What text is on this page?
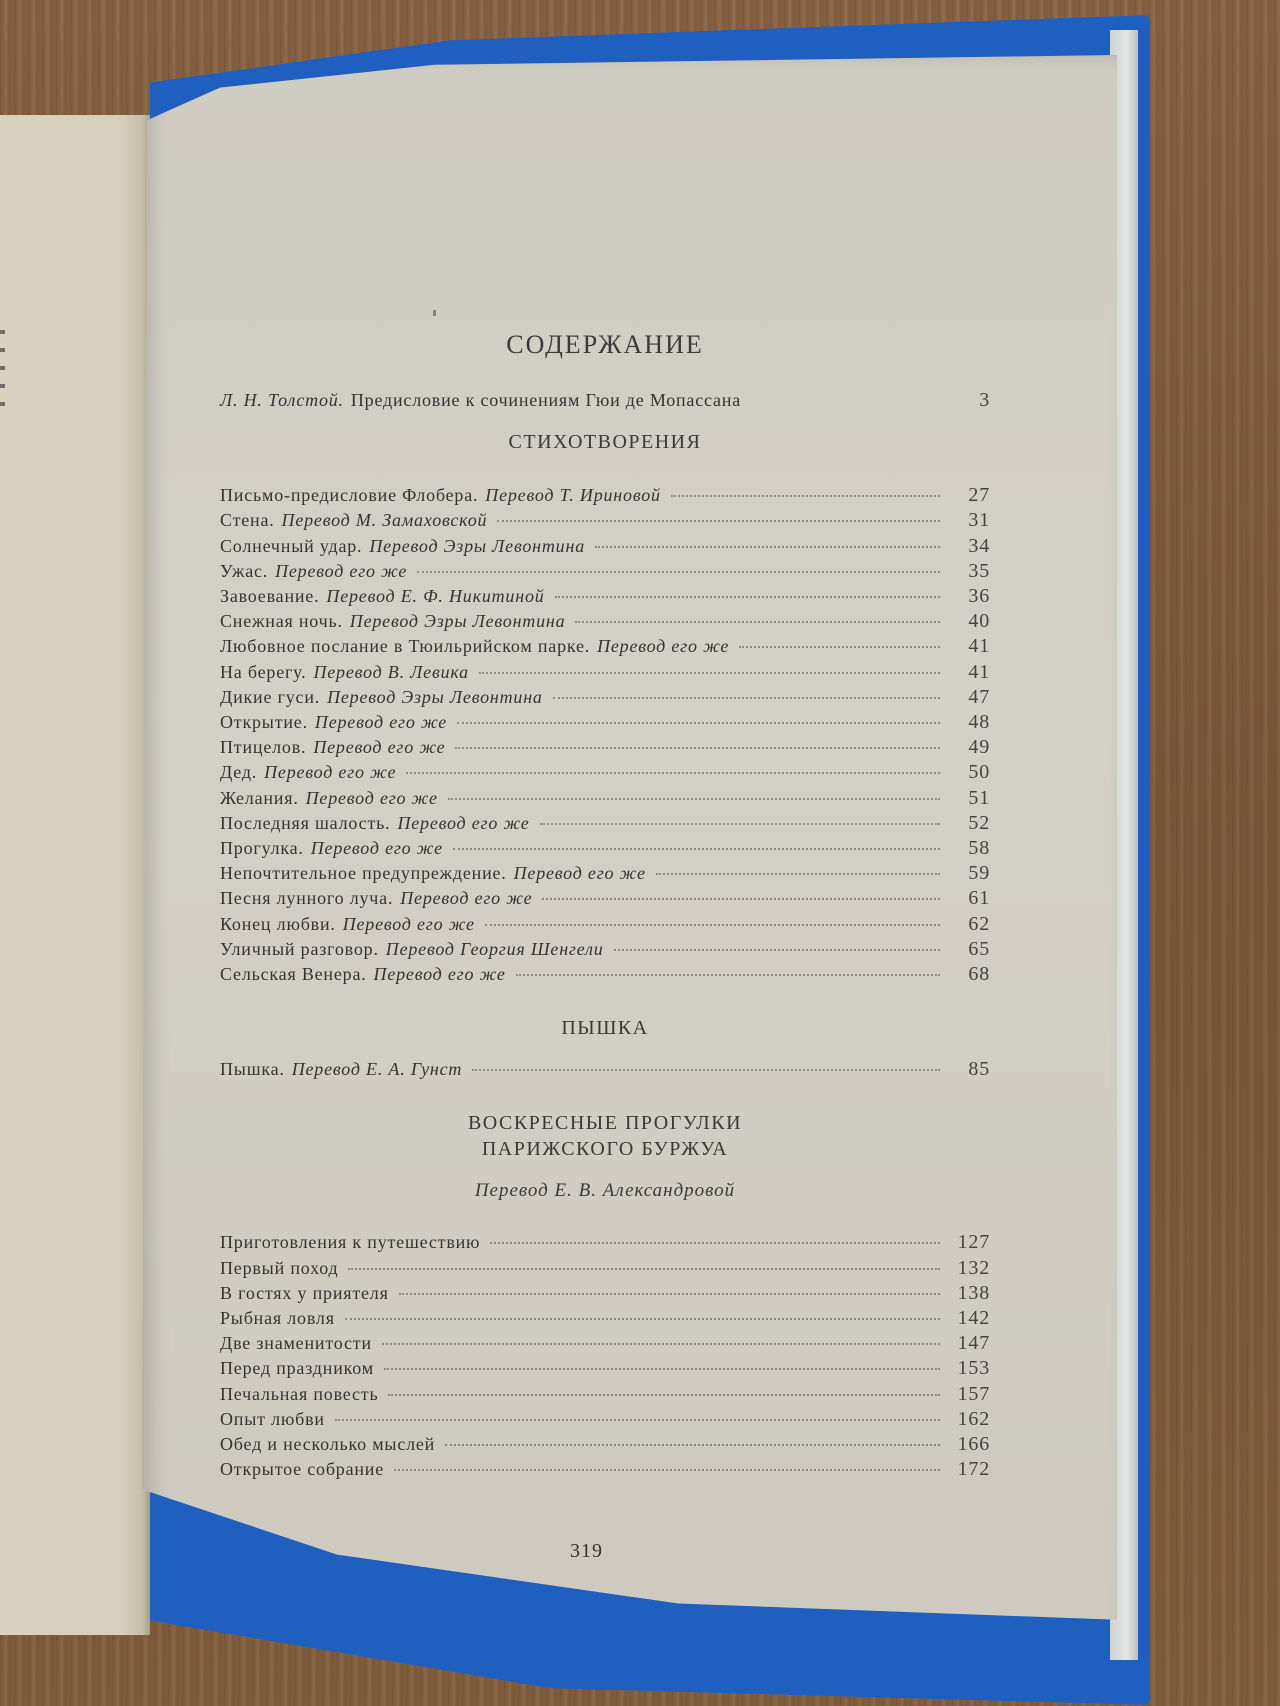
СОДЕРЖАНИЕ
Л. Н. Толстой. Предисловие к сочинениям Гюи де Мопассана	3
СТИХОТВОРЕНИЯ
Письмо-предисловие Флобера. Перевод Т. Ириновой	27
Стена. Перевод М. Замаховской	31
Солнечный удар. Перевод Эзры Левонтина	34
Ужас. Перевод его же	35
Завоевание. Перевод Е. Ф. Никитиной	36
Снежная ночь. Перевод Эзры Левонтина	40
Любовное послание в Тюильрийском парке. Перевод его же	41
На берегу. Перевод В. Левика	41
Дикие гуси. Перевод Эзры Левонтина	47
Открытие. Перевод его же	48
Птицелов. Перевод его же	49
Дед. Перевод его же	50
Желания. Перевод его же	51
Последняя шалость. Перевод его же	52
Прогулка. Перевод его же	58
Непочтительное предупреждение. Перевод его же	59
Песня лунного луча. Перевод его же	61
Конец любви. Перевод его же	62
Уличный разговор. Перевод Георгия Шенгели	65
Сельская Венера. Перевод его же	68
ПЫШКА
Пышка. Перевод Е. А. Гунст	85
ВОСКРЕСНЫЕ ПРОГУЛКИ
ПАРИЖСКОГО БУРЖУА
Перевод Е. В. Александровой
Приготовления к путешествию	127
Первый поход	132
В гостях у приятеля	138
Рыбная ловля	142
Две знаменитости	147
Перед праздником	153
Печальная повесть	157
Опыт любви	162
Обед и несколько мыслей	166
Открытое собрание	172
319
